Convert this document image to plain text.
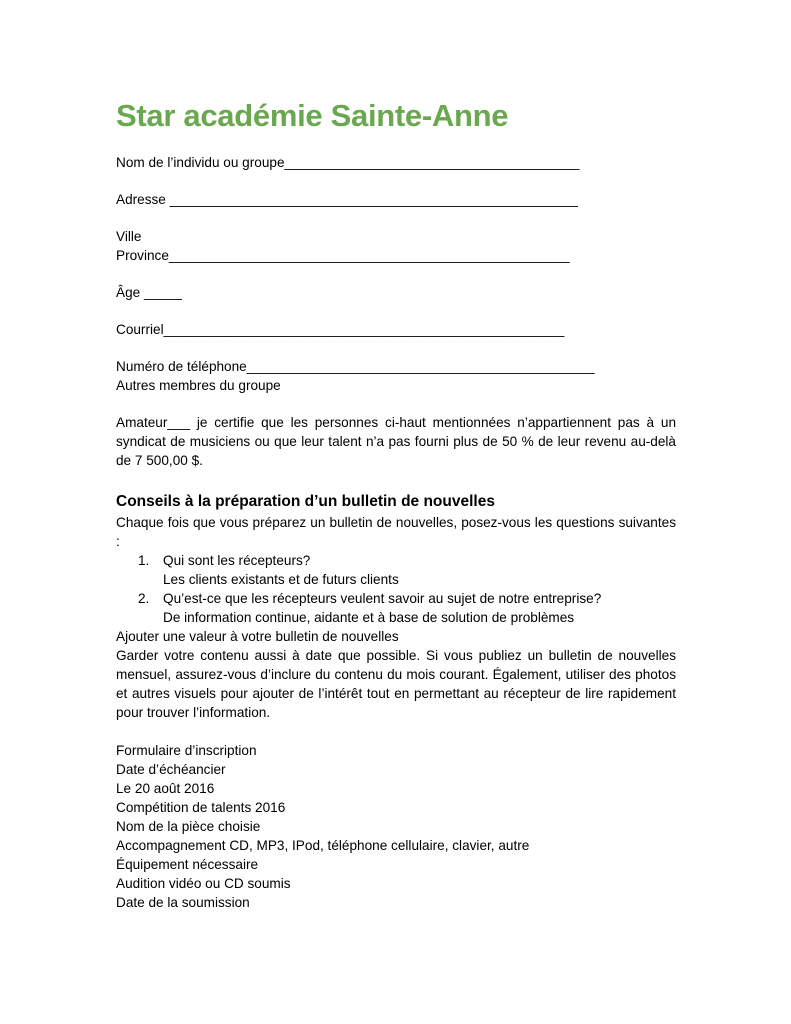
Star académie Sainte-Anne
Nom de l’individu ou groupe_______________________________________
Adresse ______________________________________________________
Ville
Province_____________________________________________________
Âge _____
Courriel_____________________________________________________
Numéro de téléphone______________________________________________
Autres membres du groupe

Amateur___ je certifie que les personnes ci-haut mentionnées n’appartiennent pas à un syndicat de musiciens ou que leur talent n’a pas fourni plus de 50 % de leur revenu au-delà de 7 500,00 $.

Conseils à la préparation d’un bulletin de nouvelles

Chaque fois que vous préparez un bulletin de nouvelles, posez-vous les questions suivantes :

1. Qui sont les récepteurs?
Les clients existants et de futurs clients
2. Qu’est-ce que les récepteurs veulent savoir au sujet de notre entreprise?
De information continue, aidante et à base de solution de problèmes
Ajouter une valeur à votre bulletin de nouvelles

Garder votre contenu aussi à date que possible. Si vous publiez un bulletin de nouvelles mensuel, assurez-vous d’inclure du contenu du mois courant. Également, utiliser des photos et autres visuels pour ajouter de l’intérêt tout en permettant au récepteur de lire rapidement pour trouver l’information.

Formulaire d’inscription
Date d’échéancier
Le 20 août 2016
Compétition de talents 2016
Nom de la pièce choisie
Accompagnement CD, MP3, IPod, téléphone cellulaire, clavier, autre
Équipement nécessaire
Audition vidéo ou CD soumis
Date de la soumission
